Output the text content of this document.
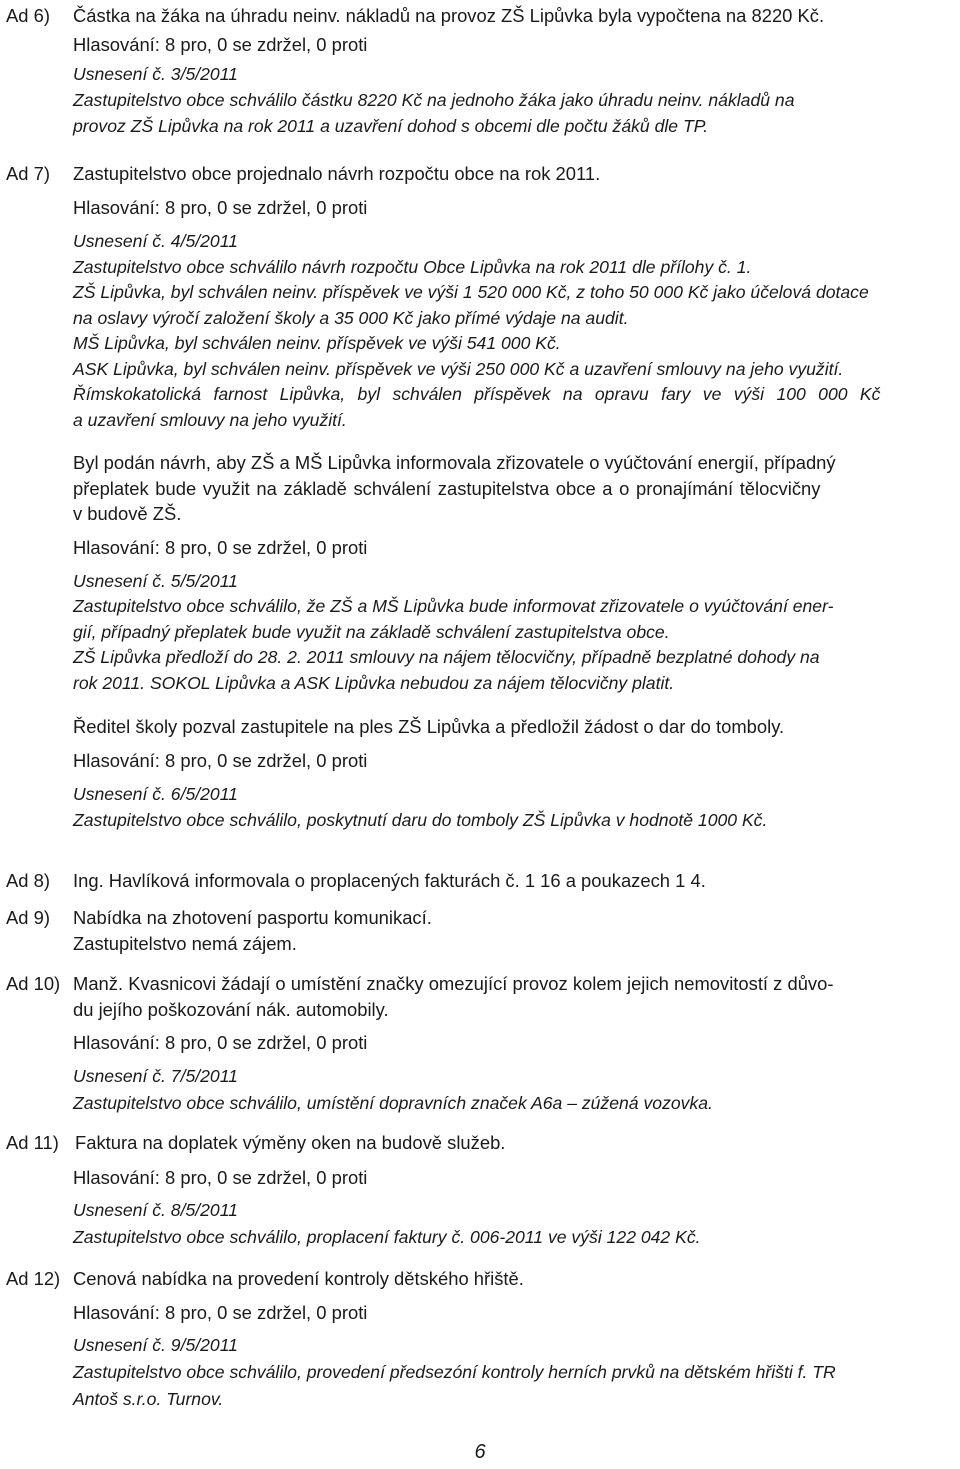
Ad 6) Částka na žáka na úhradu neinv. nákladů na provoz ZŠ Lipůvka byla vypočtena na 8220 Kč.
Hlasování: 8 pro, 0 se zdržel, 0 proti
Usnesení č. 3/5/2011
Zastupitelstvo obce schválilo částku 8220 Kč na jednoho žáka jako úhradu neinv. nákladů na
provoz ZŠ Lipůvka na rok 2011 a uzavření dohod s obcemi dle počtu žáků dle TP.
Ad 7) Zastupitelstvo obce projednalo návrh rozpočtu obce na rok 2011.
Hlasování: 8 pro, 0 se zdržel, 0 proti
Usnesení č. 4/5/2011
Zastupitelstvo obce schválilo návrh rozpočtu Obce Lipůvka na rok 2011 dle přílohy č. 1.
ZŠ Lipůvka, byl schválen neinv. příspěvek ve výši 1 520 000 Kč, z toho 50 000 Kč jako účelová dotace
na oslavy výročí založení školy a 35 000 Kč jako přímé výdaje na audit.
MŠ Lipůvka, byl schválen neinv. příspěvek ve výši 541 000 Kč.
ASK Lipůvka, byl schválen neinv. příspěvek ve výši 250 000 Kč a uzavření smlouvy na jeho využití.
Římskokatolická farnost Lipůvka, byl schválen příspěvek na opravu fary ve výši 100 000 Kč
a uzavření smlouvy na jeho využití.
Byl podán návrh, aby ZŠ a MŠ Lipůvka informovala zřizovatele o vyúčtování energií, případný
přeplatek bude využit na základě schválení zastupitelstva obce a o pronajímání tělocvičny
v budově ZŠ.
Hlasování: 8 pro, 0 se zdržel, 0 proti
Usnesení č. 5/5/2011
Zastupitelstvo obce schválilo, že ZŠ a MŠ Lipůvka bude informovat zřizovatele o vyúčtování ener-
gií, případný přeplatek bude využit na základě schválení zastupitelstva obce.
ZŠ Lipůvka předloží do 28. 2. 2011 smlouvy na nájem tělocvičny, případně bezplatné dohody na
rok 2011. SOKOL Lipůvka a ASK Lipůvka nebudou za nájem tělocvičny platit.
Ředitel školy pozval zastupitele na ples ZŠ Lipůvka a předložil žádost o dar do tomboly.
Hlasování: 8 pro, 0 se zdržel, 0 proti
Usnesení č. 6/5/2011
Zastupitelstvo obce schválilo, poskytnutí daru do tomboly ZŠ Lipůvka v hodnotě 1000 Kč.
Ad 8) Ing. Havlíková informovala o proplacených fakturách č. 1 16 a poukazech 1 4.
Ad 9) Nabídka na zhotovení pasportu komunikací.
Zastupitelstvo nemá zájem.
Ad 10) Manž. Kvasnicovi žádají o umístění značky omezující provoz kolem jejich nemovitostí z důvo-
du jejího poškozování nák. automobily.
Hlasování: 8 pro, 0 se zdržel, 0 proti
Usnesení č. 7/5/2011
Zastupitelstvo obce schválilo, umístění dopravních značek A6a – zúžená vozovka.
Ad 11) Faktura na doplatek výměny oken na budově služeb.
Hlasování: 8 pro, 0 se zdržel, 0 proti
Usnesení č. 8/5/2011
Zastupitelstvo obce schválilo, proplacení faktury č. 006-2011 ve výši 122 042 Kč.
Ad 12) Cenová nabídka na provedení kontroly dětského hřiště.
Hlasování: 8 pro, 0 se zdržel, 0 proti
Usnesení č. 9/5/2011
Zastupitelstvo obce schválilo, provedení předsezóní kontroly herních prvků na dětském hřišti f. TR
Antoš s.r.o. Turnov.
6
